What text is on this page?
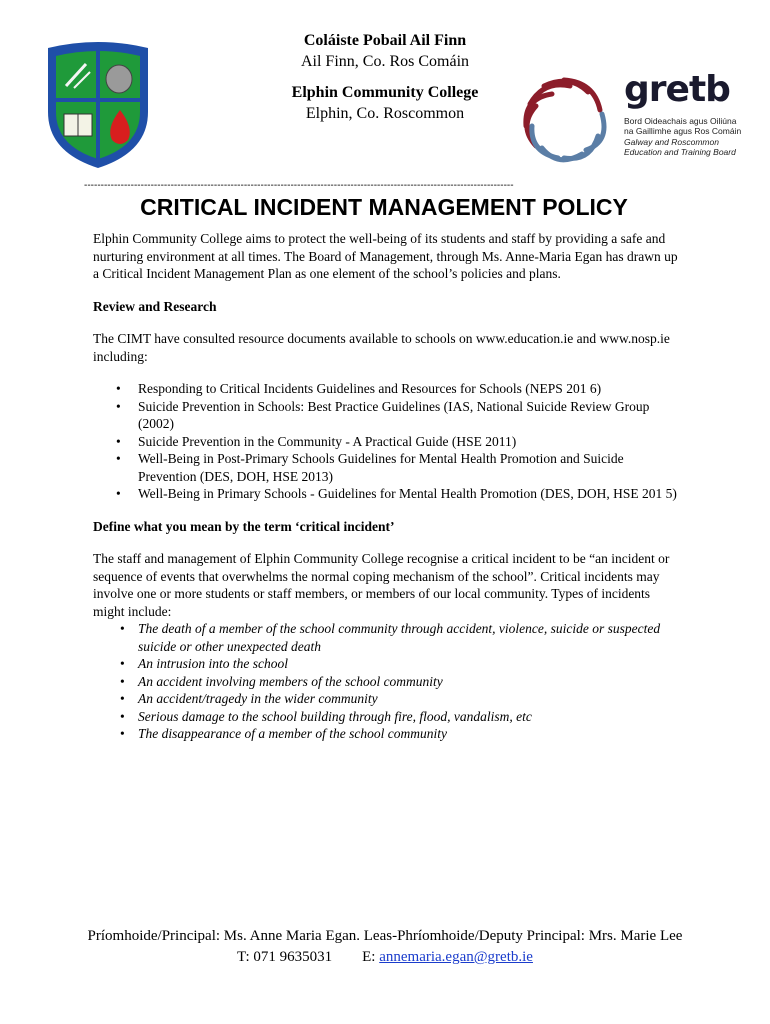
Coláiste Pobail Ail Finn
Ail Finn, Co. Ros Comáin
Elphin Community College
Elphin, Co. Roscommon
gretb
Bord Oideachais agus Oiliúna
na Gaillimhe agus Ros Comáin
Galway and Roscommon
Education and Training Board
---------------------------------------------------------------------------------------------------------------------------------
CRITICAL INCIDENT MANAGEMENT POLICY

Elphin Community College aims to protect the well-being of its students and staff by providing a safe and nurturing environment at all times. The Board of Management, through Ms. Anne-Maria Egan has drawn up a Critical Incident Management Plan as one element of the school’s policies and plans.

Review and Research

The CIMT have consulted resource documents available to schools on www.education.ie and www.nosp.ie including:

• Responding to Critical Incidents Guidelines and Resources for Schools (NEPS 201 6)
• Suicide Prevention in Schools: Best Practice Guidelines (IAS, National Suicide Review Group (2002)
• Suicide Prevention in the Community - A Practical Guide (HSE 2011)
• Well-Being in Post-Primary Schools Guidelines for Mental Health Promotion and Suicide Prevention (DES, DOH, HSE 2013)
• Well-Being in Primary Schools - Guidelines for Mental Health Promotion (DES, DOH, HSE 201 5)

Define what you mean by the term ‘critical incident’

The staff and management of Elphin Community College recognise a critical incident to be “an incident or sequence of events that overwhelms the normal coping mechanism of the school”. Critical incidents may involve one or more students or staff members, or members of our local community. Types of incidents might include:

• The death of a member of the school community through accident, violence, suicide or suspected suicide or other unexpected death
• An intrusion into the school
• An accident involving members of the school community
• An accident/tragedy in the wider community
• Serious damage to the school building through fire, flood, vandalism, etc
• The disappearance of a member of the school community
Príomhoide/Principal: Ms. Anne Maria Egan. Leas-Phríomhoide/Deputy Principal: Mrs. Marie Lee
T: 071 9635031 E: annemaria.egan@gretb.ie
